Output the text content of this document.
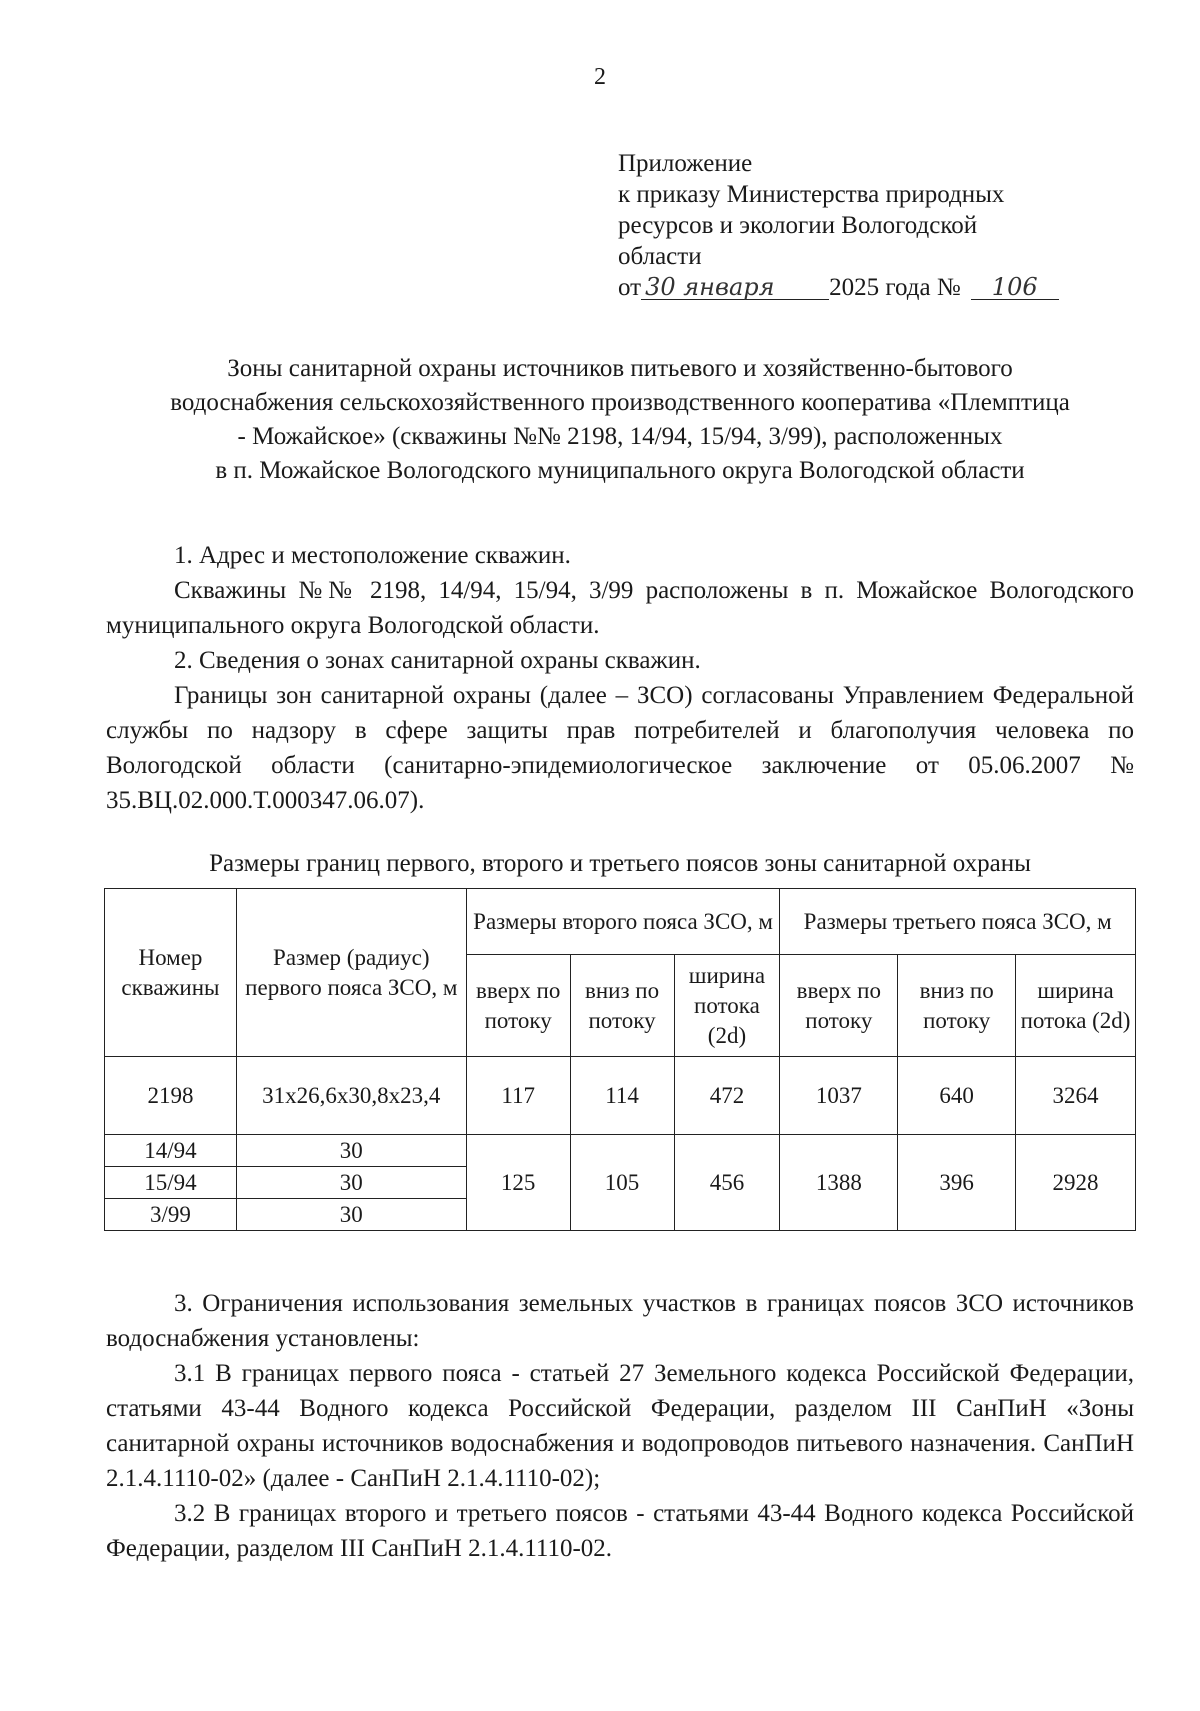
2
Приложение
к приказу Министерства природных
ресурсов и экологии Вологодской
области
от 30 января 2025 года № 106
Зоны санитарной охраны источников питьевого и хозяйственно-бытового
водоснабжения сельскохозяйственного производственного кооператива «Племптица
- Можайское» (скважины №№ 2198, 14/94, 15/94, 3/99), расположенных
в п. Можайское Вологодского муниципального округа Вологодской области

1. Адрес и местоположение скважин.

Скважины №№ 2198, 14/94, 15/94, 3/99 расположены в п. Можайское Вологодского муниципального округа Вологодской области.

2. Сведения о зонах санитарной охраны скважин.

Границы зон санитарной охраны (далее – ЗСО) согласованы Управлением Федеральной службы по надзору в сфере защиты прав потребителей и благополучия человека по Вологодской области (санитарно-эпидемиологическое заключение от 05.06.2007 № 35.ВЦ.02.000.Т.000347.06.07).

Размеры границ первого, второго и третьего поясов зоны санитарной охраны
Номер скважины	Размер (радиус) первого пояса ЗСО, м	Размеры второго пояса ЗСО, м			Размеры третьего пояса ЗСО, м		
		вверх по потоку	вниз по потоку	ширина потока (2d)	вверх по потоку	вниз по потоку	ширина потока (2d)
2198	31х26,6х30,8х23,4	117	114	472	1037	640	3264
14/94	30	125	105	456	1388	396	2928
15/94	30						
3/99	30						

3. Ограничения использования земельных участков в границах поясов ЗСО источников водоснабжения установлены:

3.1 В границах первого пояса - статьей 27 Земельного кодекса Российской Федерации, статьями 43-44 Водного кодекса Российской Федерации, разделом III СанПиН «Зоны санитарной охраны источников водоснабжения и водопроводов питьевого назначения. СанПиН 2.1.4.1110-02» (далее - СанПиН 2.1.4.1110-02);

3.2 В границах второго и третьего поясов - статьями 43-44 Водного кодекса Российской Федерации, разделом III СанПиН 2.1.4.1110-02.
